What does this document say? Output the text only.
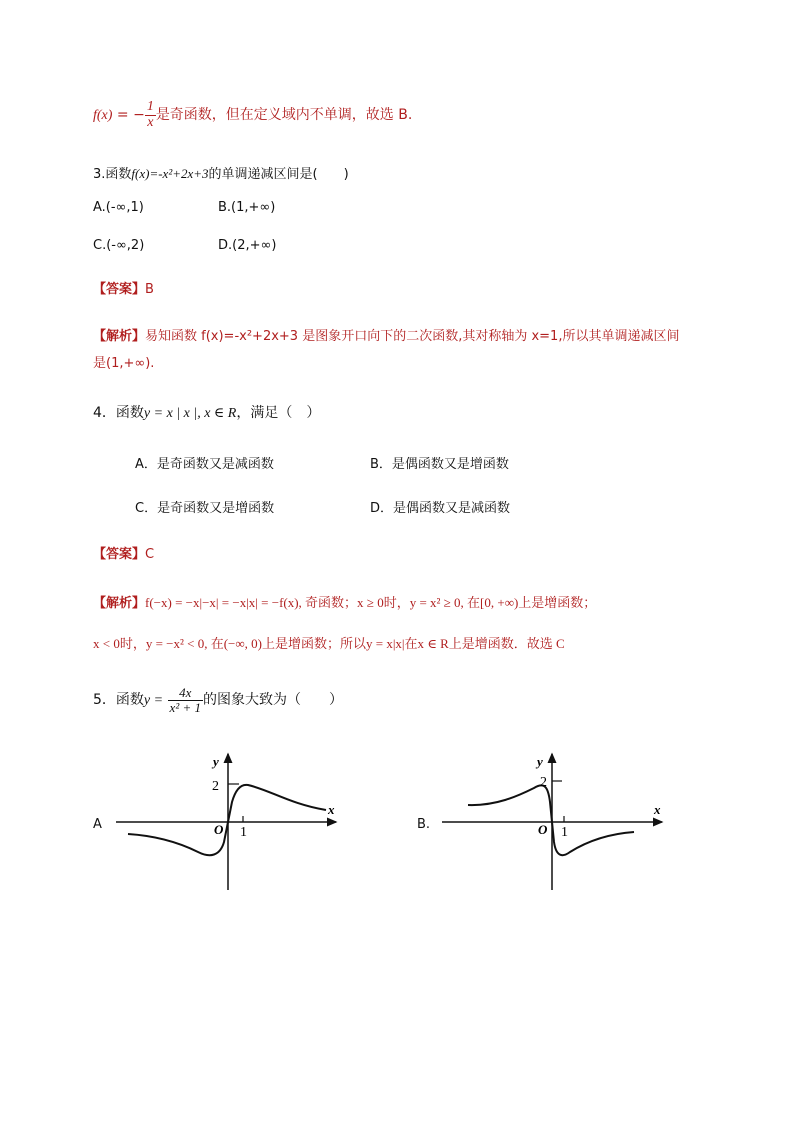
f(x) = − $\frac{1}{x}$ 是奇函数，但在定义域内不单调，故选 B.
3.函数f(x)=-x²+2x+3的单调递减区间是(　　)
A.(-∞,1)	B.(1,+∞)
C.(-∞,2)	D.(2,+∞)
【答案】B
【解析】易知函数 f(x)=-x²+2x+3 是图象开口向下的二次函数,其对称轴为 x=1,所以其单调递减区间
是(1,+∞).
4．函数y = x | x |, x ∈ R，满足（　）
A．是奇函数又是减函数	B．是偶函数又是增函数
C．是奇函数又是增函数	D．是偶函数又是减函数
【答案】C
【解析】f(−x) = −x|−x| = −x|x| = −f(x), 奇函数；x ≥ 0时，y = x² ≥ 0, 在[0, +∞)上是增函数；
x < 0时，y = −x² < 0, 在(−∞, 0)上是增函数；所以y = x|x|在x ∈ R上是增函数．故选 C
5．函数$y = \frac{4x}{\text{x² + 1}}$ 的图象大致为（　　）
A
y
x
O 1
2
B.
y
x
O 1
2
